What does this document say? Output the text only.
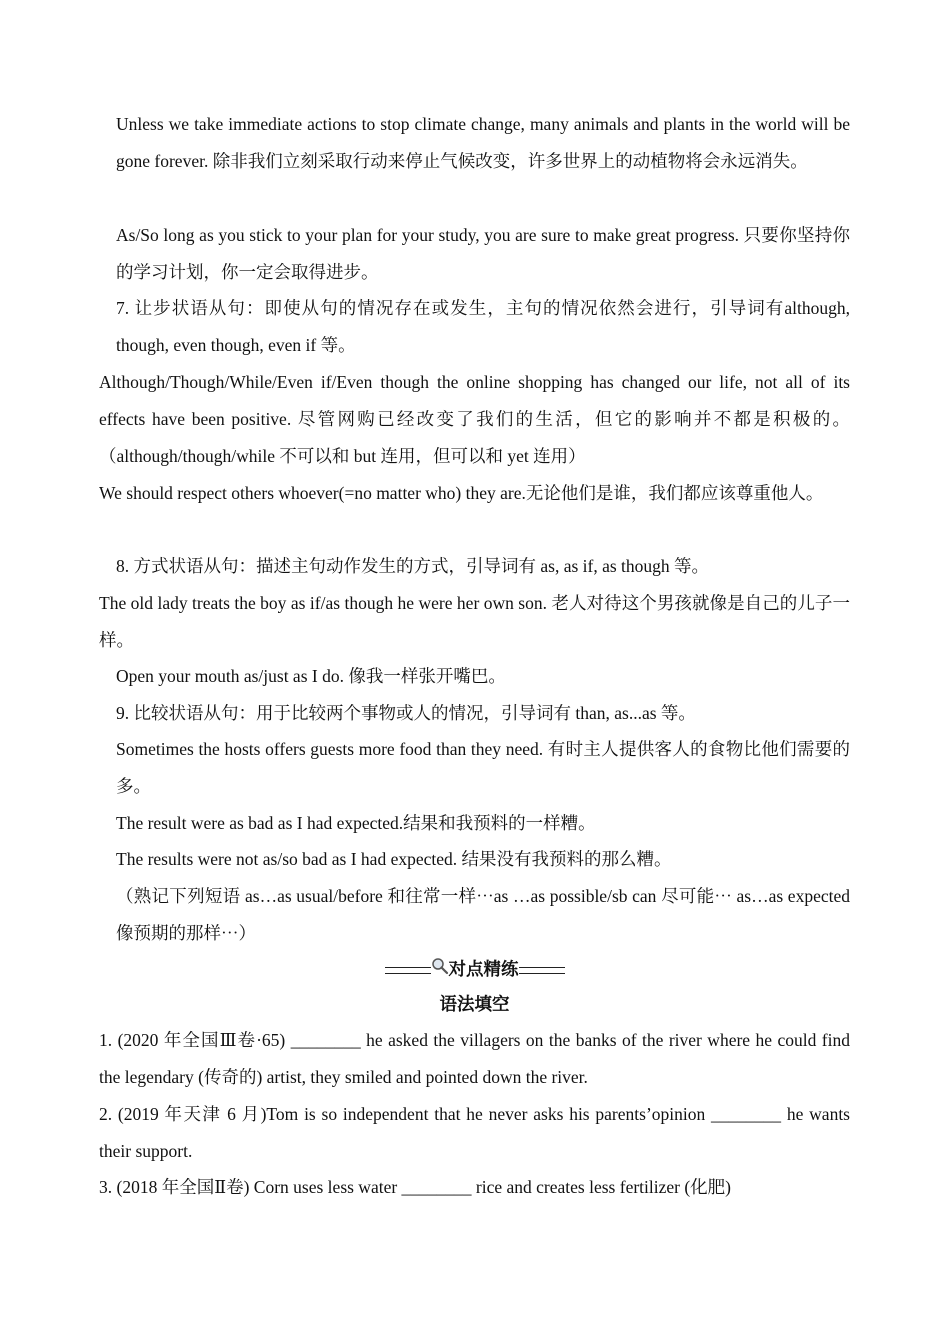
Unless we take immediate actions to stop climate change, many animals and plants in the world will be gone forever. 除非我们立刻采取行动来停止气候改变，许多世界上的动植物将会永远消失。

As/So long as you stick to your plan for your study, you are sure to make great progress. 只要你坚持你的学习计划，你一定会取得进步。

7. 让步状语从句：即使从句的情况存在或发生，主句的情况依然会进行，引导词有although, though, even though, even if 等。

Although/Though/While/Even if/Even though the online shopping has changed our life, not all of its effects have been positive. 尽管网购已经改变了我们的生活，但它的影响并不都是积极的。（although/though/while 不可以和 but 连用，但可以和 yet 连用）

We should respect others whoever(=no matter who) they are.无论他们是谁，我们都应该尊重他人。

8. 方式状语从句：描述主句动作发生的方式，引导词有 as, as if, as though 等。

The old lady treats the boy as if/as though he were her own son. 老人对待这个男孩就像是自己的儿子一样。

Open your mouth as/just as I do. 像我一样张开嘴巴。

9. 比较状语从句：用于比较两个事物或人的情况，引导词有 than, as...as 等。

Sometimes the hosts offers guests more food than they need. 有时主人提供客人的食物比他们需要的多。

The result were as bad as I had expected.结果和我预料的一样糟。

The results were not as/so bad as I had expected. 结果没有我预料的那么糟。

（熟记下列短语 as…as usual/before 和往常一样⋯as …as possible/sb can 尽可能⋯ as…as expected 像预期的那样⋯）

对点精练
语法填空

1. (2020 年全国Ⅲ卷·65) ________ he asked the villagers on the banks of the river where he could find the legendary (传奇的) artist, they smiled and pointed down the river.

2. (2019 年天津 6 月)Tom is so independent that he never asks his parents’opinion ________ he wants their support.

3. (2018 年全国Ⅱ卷) Corn uses less water ________ rice and creates less fertilizer (化肥)
